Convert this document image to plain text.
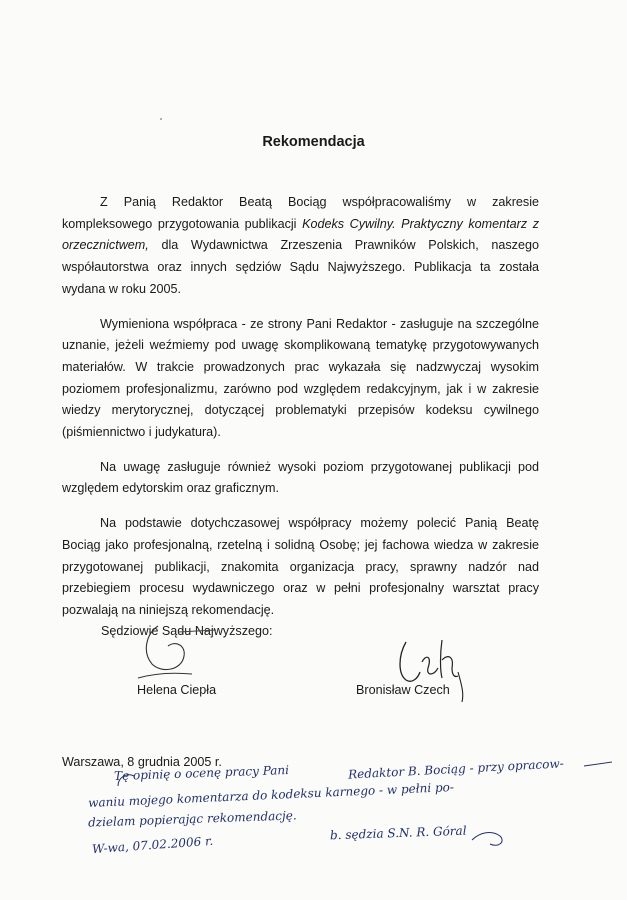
Rekomendacja

Z Panią Redaktor Beatą Bociąg współpracowaliśmy w zakresie kompleksowego przygotowania publikacji Kodeks Cywilny. Praktyczny komentarz z orzecznictwem, dla Wydawnictwa Zrzeszenia Prawników Polskich, naszego współautorstwa oraz innych sędziów Sądu Najwyższego. Publikacja ta została wydana w roku 2005.

Wymieniona współpraca - ze strony Pani Redaktor - zasługuje na szczególne uznanie, jeżeli weźmiemy pod uwagę skomplikowaną tematykę przygotowywanych materiałów. W trakcie prowadzonych prac wykazała się nadzwyczaj wysokim poziomem profesjonalizmu, zarówno pod względem redakcyjnym, jak i w zakresie wiedzy merytorycznej, dotyczącej problematyki przepisów kodeksu cywilnego (piśmiennictwo i judykatura).

Na uwagę zasługuje również wysoki poziom przygotowanej publikacji pod względem edytorskim oraz graficznym.

Na podstawie dotychczasowej współpracy możemy polecić Panią Beatę Bociąg jako profesjonalną, rzetelną i solidną Osobę; jej fachowa wiedza w zakresie przygotowanej publikacji, znakomita organizacja pracy, sprawny nadzór nad przebiegiem procesu wydawniczego oraz w pełni profesjonalny warsztat pracy pozwalają na niniejszą rekomendację.

Sędziowie Sądu Najwyższego:
Helena Ciepła	Bronisław Czech
Warszawa, 8 grudnia 2005 r.
Tę opinię o ocenę pracy Pani	Redaktor B. Bociąg - przy opracow-
waniu mojego komentarza do kodeksu karnego - w pełni po-
dzielam popierając rekomendację.
W-wa, 07.02.2006 r.
b. sędzia S.N. R. Góral
